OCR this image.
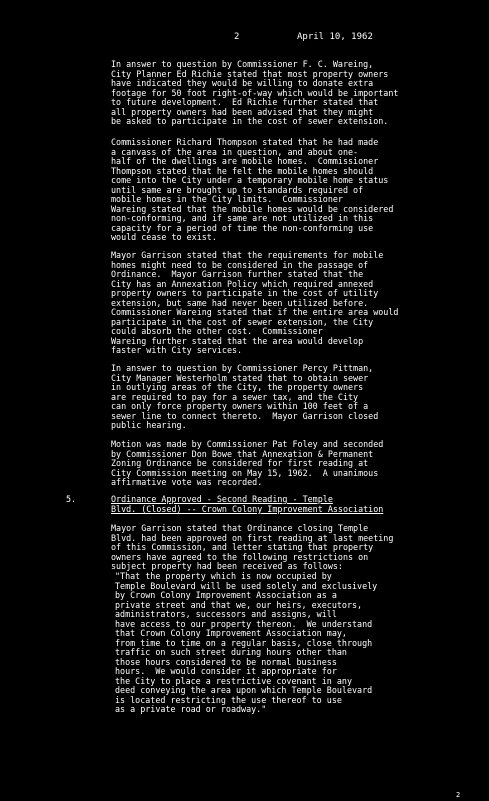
2	April 10, 1962

In answer to question by Commissioner F. C. Wareing,
City Planner Ed Richie stated that most property owners
have indicated they would be willing to donate extra
footage for 50 foot right-of-way which would be important
to future development.  Ed Richie further stated that
all property owners had been advised that they might
be asked to participate in the cost of sewer extension.

Commissioner Richard Thompson stated that he had made
a canvass of the area in question, and about one-
half of the dwellings are mobile homes.  Commissioner
Thompson stated that he felt the mobile homes should
come into the City under a temporary mobile home status
until same are brought up to standards required of
mobile homes in the City limits.  Commissioner
Wareing stated that the mobile homes would be considered
non-conforming, and if same are not utilized in this
capacity for a period of time the non-conforming use
would cease to exist.

Mayor Garrison stated that the requirements for mobile
homes might need to be considered in the passage of
Ordinance.  Mayor Garrison further stated that the
City has an Annexation Policy which required annexed
property owners to participate in the cost of utility
extension, but same had never been utilized before.
Commissioner Wareing stated that if the entire area would
participate in the cost of sewer extension, the City
could absorb the other cost.  Commissioner
Wareing further stated that the area would develop
faster with City services.

In answer to question by Commissioner Percy Pittman,
City Manager Westerholm stated that to obtain sewer
in outlying areas of the City, the property owners
are required to pay for a sewer tax, and the City
can only force property owners within 100 feet of a
sewer line to connect thereto.  Mayor Garrison closed
public hearing.

Motion was made by Commissioner Pat Foley and seconded
by Commissioner Don Bowe that Annexation & Permanent
Zoning Ordinance be considered for first reading at
City Commission meeting on May 15, 1962.  A unanimous
affirmative vote was recorded.

5.	Ordinance Approved - Second Reading - Temple

Blvd. (Closed) -- Crown Colony Improvement Association

Mayor Garrison stated that Ordinance closing Temple
Blvd. had been approved on first reading at last meeting
of this Commission, and letter stating that property
owners have agreed to the following restrictions on
subject property had been received as follows:

"That the property which is now occupied by
Temple Boulevard will be used solely and exclusively
by Crown Colony Improvement Association as a
private street and that we, our heirs, executors,
administrators, successors and assigns, will
have access to our property thereon.  We understand
that Crown Colony Improvement Association may,
from time to time on a regular basis, close through
traffic on such street during hours other than
those hours considered to be normal business
hours.  We would consider it appropriate for
the City to place a restrictive covenant in any
deed conveying the area upon which Temple Boulevard
is located restricting the use thereof to use
as a private road or roadway."

2
